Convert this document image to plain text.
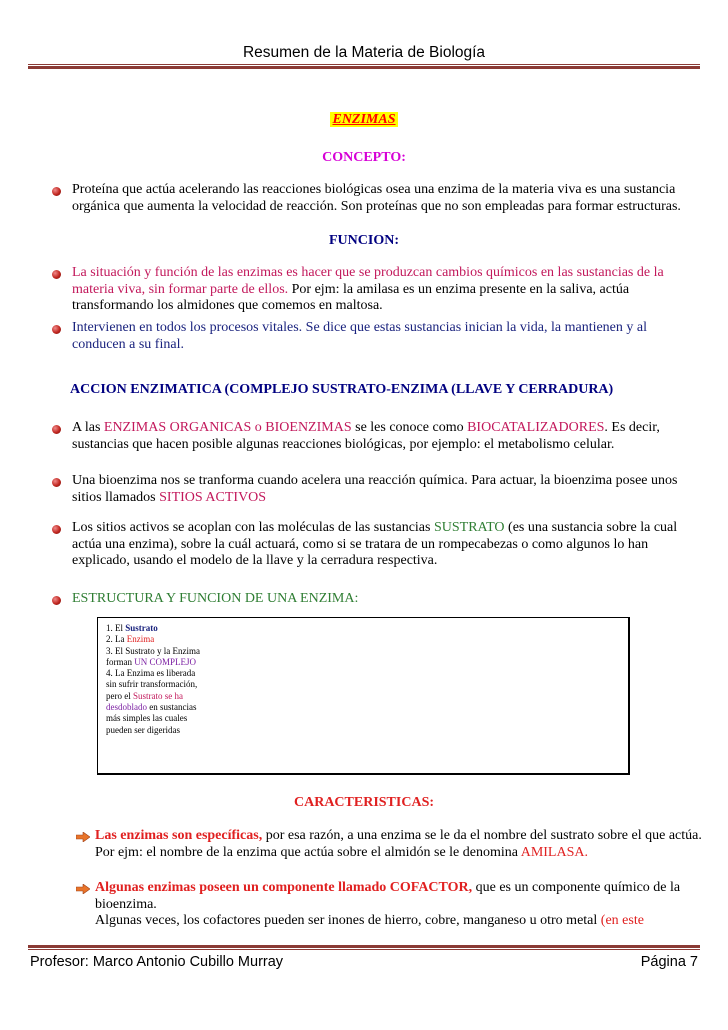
Resumen de la Materia de Biología
ENZIMAS
CONCEPTO:
Proteína que actúa acelerando las reacciones biológicas osea una enzima de la materia viva es una sustancia orgánica que aumenta la velocidad de reacción. Son proteínas que no son empleadas para formar estructuras.
FUNCION:
La situación y función de las enzimas es hacer que se produzcan cambios químicos en las sustancias de la materia viva, sin formar parte de ellos. Por ejm: la amilasa es un enzima presente en la saliva, actúa transformando los almidones que comemos en maltosa.
Intervienen en todos los procesos vitales. Se dice que estas sustancias inician la vida, la mantienen y al conducen a su final.
ACCION ENZIMATICA (COMPLEJO SUSTRATO-ENZIMA (LLAVE Y CERRADURA)
A las ENZIMAS ORGANICAS o BIOENZIMAS se les conoce como BIOCATALIZADORES. Es decir, sustancias que hacen posible algunas reacciones biológicas, por ejemplo: el metabolismo celular.
Una bioenzima nos se tranforma cuando acelera una reacción química. Para actuar, la bioenzima posee unos sitios llamados SITIOS ACTIVOS
Los sitios activos se acoplan con las moléculas de las sustancias SUSTRATO (es una sustancia sobre la cual actúa una enzima), sobre la cuál actuará, como si se tratara de un rompecabezas o como algunos lo han explicado, usando el modelo de la llave y la cerradura respectiva.
ESTRUCTURA Y FUNCION DE UNA ENZIMA:
1. El Sustrato
2. La Enzima
3. El Sustrato y la Enzima
forman UN COMPLEJO
4. La Enzima es liberada
sin sufrir transformación,
pero el Sustrato se ha
desdoblado en sustancias
más simples las cuales
pueden ser digeridas
CARACTERISTICAS:
Las enzimas son específicas, por esa razón, a una enzima se le da el nombre del sustrato sobre el que actúa. Por ejm: el nombre de la enzima que actúa sobre el almidón se le denomina AMILASA.
Algunas enzimas poseen un componente llamado COFACTOR, que es un componente químico de la bioenzima.
Algunas veces, los cofactores pueden ser inones de hierro, cobre, manganeso u otro metal (en este
Profesor: Marco Antonio Cubillo Murray	Página 7
